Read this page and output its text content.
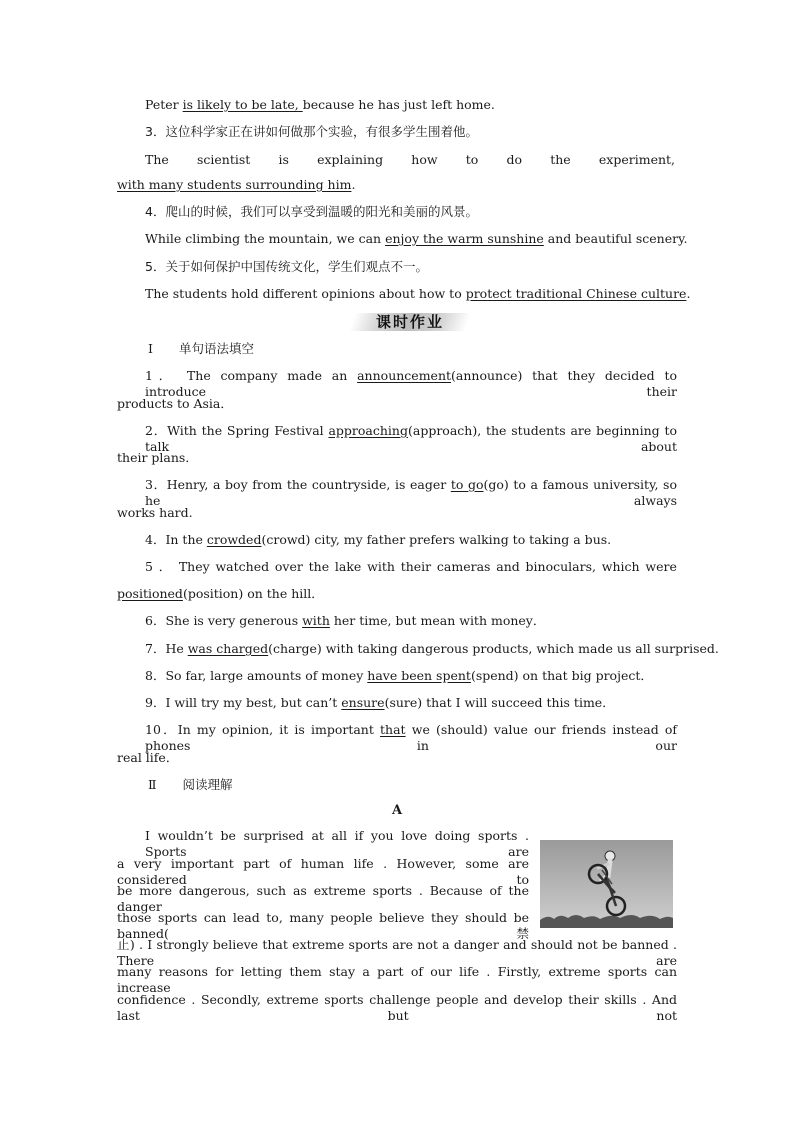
Peter is likely to be late, because he has just left home.
3．这位科学家正在讲如何做那个实验，有很多学生围着他。
The scientist is explaining how to do the experiment,
with many students surrounding him.
4．爬山的时候，我们可以享受到温暖的阳光和美丽的风景。
While climbing the mountain, we can enjoy the warm sunshine and beautiful scenery.
5．关于如何保护中国传统文化，学生们观点不一。
The students hold different opinions about how to protect traditional Chinese culture.
课时作业
Ⅰ 单句语法填空
1． The company made an announcement(announce) that they decided to introduce their
products to Asia．
2．With the Spring Festival approaching(approach), the students are beginning to talk about
their plans．
3．Henry, a boy from the countryside, is eager to go(go) to a famous university, so he always
works hard.
4．In the crowded(crowd) city, my father prefers walking to taking a bus.
5 ． They watched over the lake with their cameras and binoculars, which were
positioned(position) on the hill．
6．She is very generous with her time, but mean with money．
7．He was charged(charge) with taking dangerous products, which made us all surprised.
8．So far, large amounts of money have been spent(spend) on that big project．
9．I will try my best, but can’t ensure(sure) that I will succeed this time．
10．In my opinion, it is important that we (should) value our friends instead of phones in our
real life．
Ⅱ 阅读理解
A
I wouldn’t be surprised at all if you love doing sports . Sports are
a very important part of human life . However, some are considered to
be more dangerous, such as extreme sports . Because of the danger
those sports can lead to, many people believe they should be banned( 禁
止) . I strongly believe that extreme sports are not a danger and should not be banned . There are
many reasons for letting them stay a part of our life . Firstly, extreme sports can increase
confidence . Secondly, extreme sports challenge people and develop their skills . And last but not
